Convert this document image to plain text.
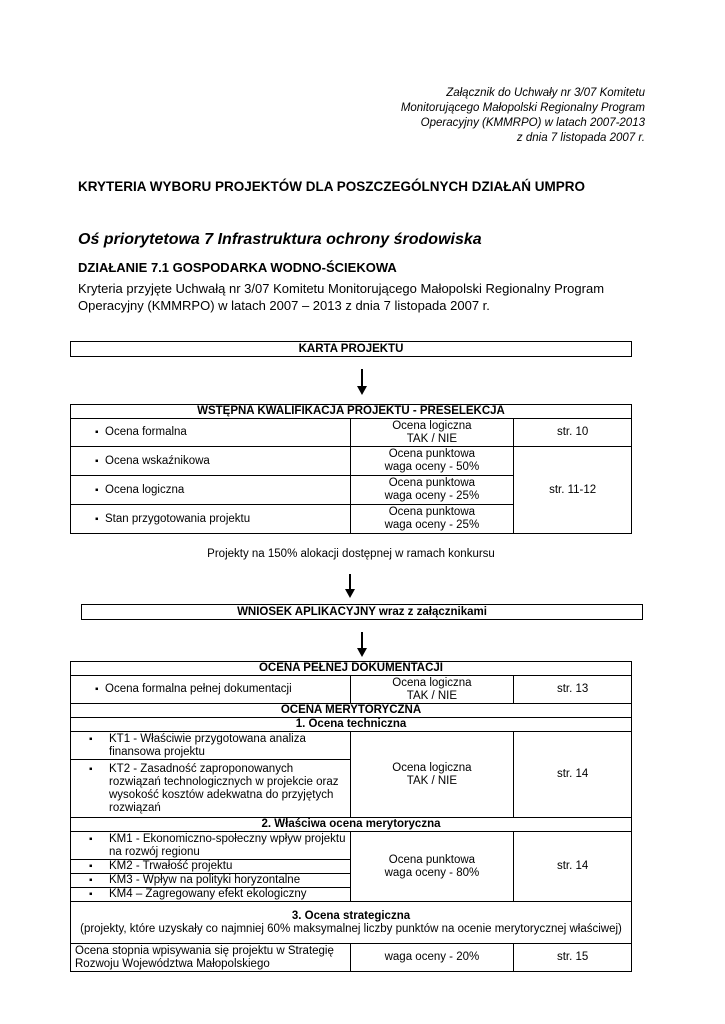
Załącznik do Uchwały nr 3/07 Komitetu
Monitorującego Małopolski Regionalny Program
Operacyjny (KMMRPO) w latach 2007-2013
z dnia 7 listopada 2007 r.
KRYTERIA WYBORU PROJEKTÓW DLA POSZCZEGÓLNYCH DZIAŁAŃ UMPRO
Oś priorytetowa 7 Infrastruktura ochrony środowiska
DZIAŁANIE 7.1 GOSPODARKA WODNO-ŚCIEKOWA
Kryteria przyjęte Uchwałą nr 3/07 Komitetu Monitorującego Małopolski Regionalny Program Operacyjny (KMMRPO) w latach 2007 – 2013 z dnia 7 listopada 2007 r.
KARTA PROJEKTU
WSTĘPNA KWALIFIKACJA PROJEKTU - PRESELEKCJA		

▪ Ocena formalna	Ocena logiczna
TAK / NIE	str. 10

▪ Ocena wskaźnikowa	Ocena punktowa
waga oceny - 50%	str. 11-12

▪ Ocena logiczna	Ocena punktowa
waga oceny - 25%	

▪ Stan przygotowania projektu	Ocena punktowa
waga oceny - 25%	
Projekty na 150% alokacji dostępnej w ramach konkursu
WNIOSEK APLIKACYJNY wraz z załącznikami
OCENA PEŁNEJ DOKUMENTACJI		

▪ Ocena formalna pełnej dokumentacji	Ocena logiczna
TAK / NIE	str. 13
OCENA MERYTORYCZNA		
1. Ocena techniczna		

▪ KT1 - Właściwie przygotowana analiza finansowa projektu	Ocena logiczna
TAK / NIE	str. 14

▪ KT2 - Zasadność zaproponowanych rozwiązań technologicznych w projekcie oraz wysokość kosztów adekwatna do przyjętych rozwiązań

2. Właściwa ocena merytoryczna		

▪ KM1 - Ekonomiczno-społeczny wpływ projektu na rozwój regionu	Ocena punktowa
waga oceny - 80%	str. 14

▪ KM2 - Trwałość projektu

▪ KM3 - Wpływ na polityki horyzontalne

▪ KM4 – Zagregowany efekt ekologiczny

3. Ocena strategiczna
(projekty, które uzyskały co najmniej 60% maksymalnej liczby punktów na ocenie merytorycznej właściwej)		

Ocena stopnia wpisywania się projektu w Strategię Rozwoju Województwa Małopolskiego	waga oceny - 20%	str. 15
